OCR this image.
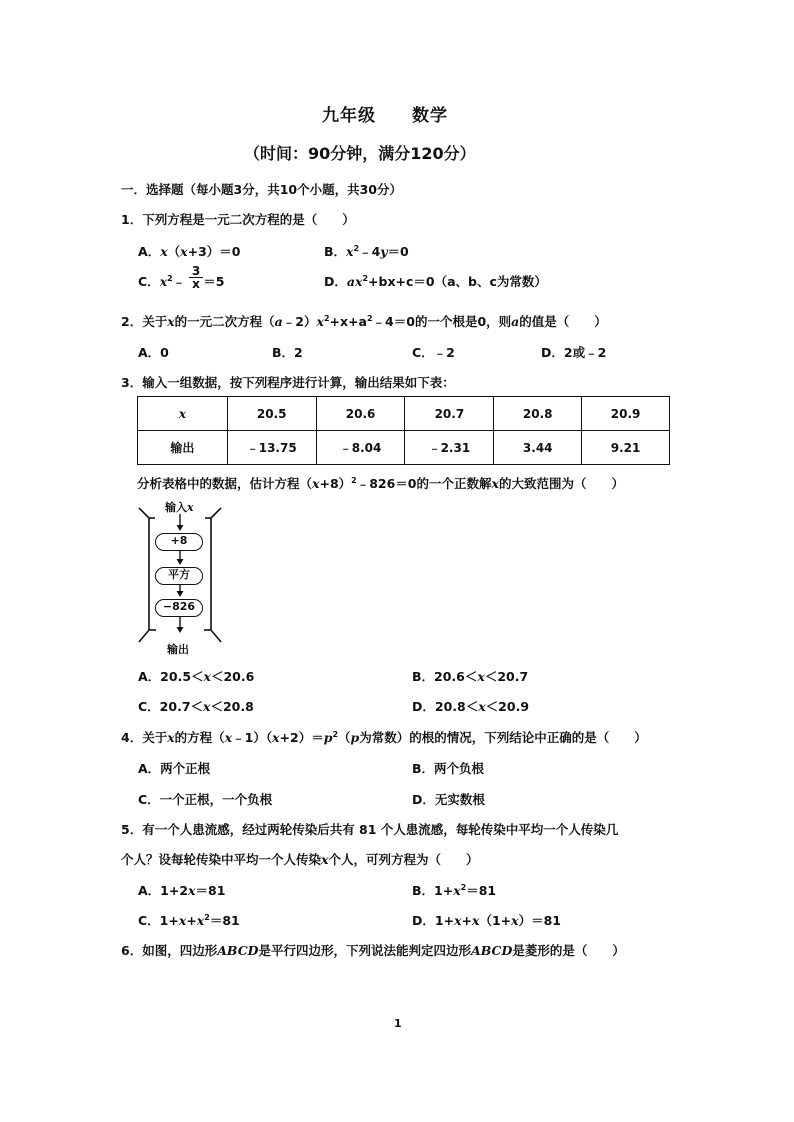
九年级　　数学
（时间：90分钟，满分120分）
一．选择题（每小题3分，共10个小题，共30分）
1．下列方程是一元二次方程的是（　　）
A．x（x+3）＝0	B．$x^2﹣4y=0$
C．$x^2﹣ =5$
$\frac{3}{x}$	D．$ax^2+bx+c=0(a$、b、c为常数）
2．关于x的一元二次方程$(a﹣2)x^2+x+a^2﹣4=0$的一个根是0，则a的值是（　　）
A．0	B．2	C．﹣2	D．2或﹣2
3．输入一组数据，按下列程序进行计算，输出结果如下表：
x	20.5	20.6	20.7	20.8	20.9
输出	﹣13.75	﹣8.04	﹣2.31	3.44	9.21
分析表格中的数据，估计方程$(x+8)^2﹣826=0$的一个正数解x的大致范围为（　　）
输入x
+8
平方
−826
输出
A．20.5＜x＜20.6	B．20.6＜x＜20.7
C．20.7＜x＜20.8	D．20.8＜x＜20.9
4．关于x的方程$(x﹣1)(x+2)=p^2(p$为常数）的根的情况，下列结论中正确的是（　　）
A．两个正根	B．两个负根
C．一个正根，一个负根	D．无实数根
5．有一个人患流感，经过两轮传染后共有 81 个人患流感，每轮传染中平均一个人传染几
个人？设每轮传染中平均一个人传染x个人，可列方程为（　　）
A．1+2x＝81	B．$1+x^2=81$
C．$1+x+x^2=81$	D．1+x+x（1+x）＝81
6．如图，四边形ABCD是平行四边形，下列说法能判定四边形ABCD是菱形的是（　　）
1
